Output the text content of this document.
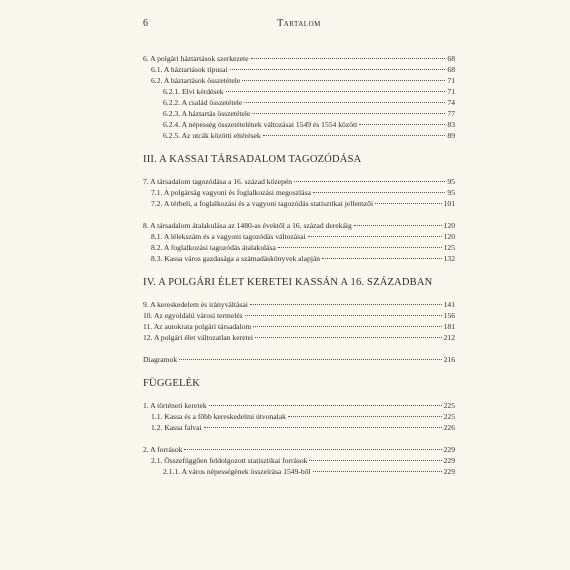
Tartalom
6
6. A polgári háztartások szerkezete	68
6.1. A háztartások típusai	68
6.2. A háztartások összetétele	71
6.2.1. Elvi kérdések	71
6.2.2. A család összetétele	74
6.2.3. A háztartás összetétele	77
6.2.4. A népesség összetételének változásai 1549 és 1554 között	83
6.2.5. Az utcák közötti eltérések	89
III. A KASSAI TÁRSADALOM TAGOZÓDÁSA
7. A társadalom tagozódása a 16. század közepén	95
7.1. A polgárság vagyoni és foglalkozási megoszlása	95
7.2. A térbeli, a foglalkozási és a vagyoni tagozódás statisztikai jellemzői	101
8. A társadalom átalakulása az 1480-as évektől a 16. század derekáig	120
8.1. A lélekszám és a vagyoni tagozódás változásai	120
8.2. A foglalkozási tagozódás átalakulása	125
8.3. Kassa város gazdasága a számadáskönyvek alapján	132
IV. A POLGÁRI ÉLET KERETEI KASSÁN A 16. SZÁZADBAN
9. A kereskedelem és irányváltásai	141
10. Az egyoldalú városi termelés	156
11. Az autokrata polgári társadalom	181
12. A polgári élet változatlan keretei	212
Diagramok	216
FÜGGELÉK
1. A történeti keretek	225
1.1. Kassa és a főbb kereskedelmi útvonalak	225
1.2. Kassa falvai	226
2. A források	229
2.1. Összefüggően feldolgozott statisztikai források	229
2.1.1. A város népességének összeírása 1549-ből	229
